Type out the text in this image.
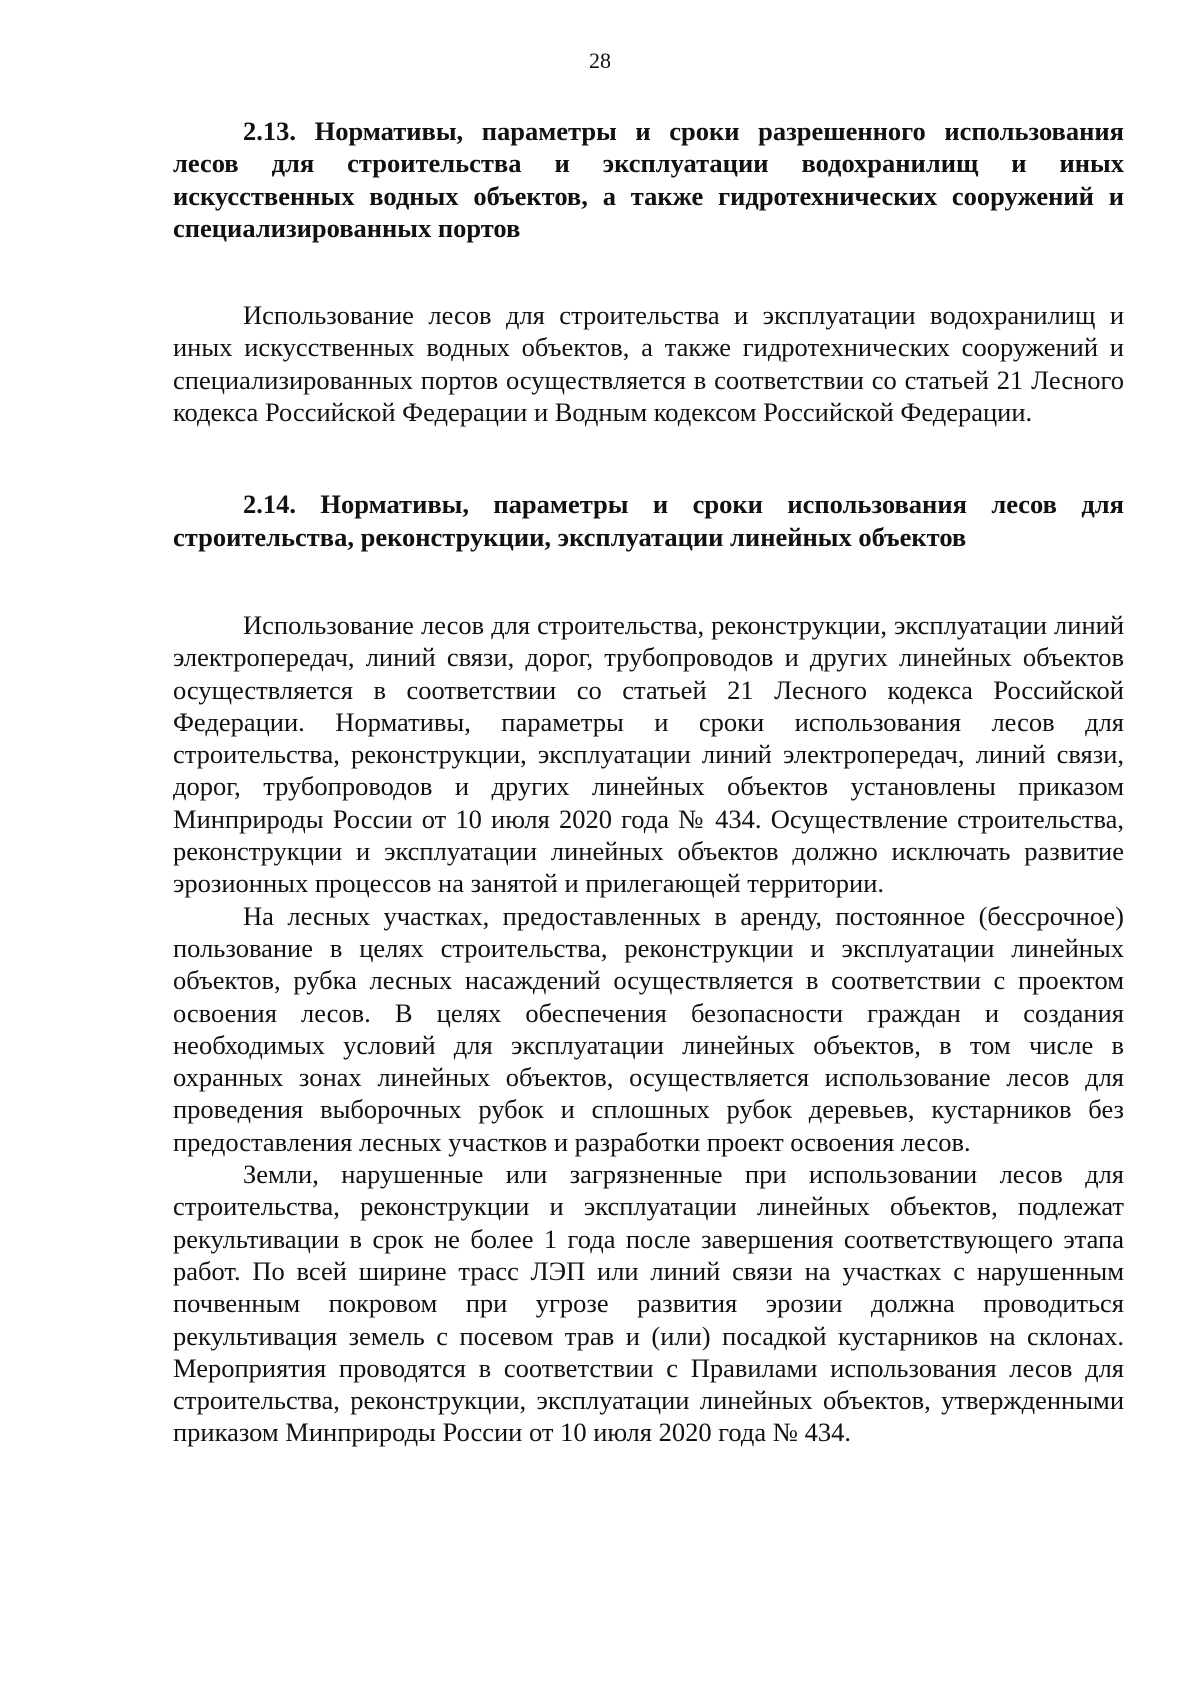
28
2.13. Нормативы, параметры и сроки разрешенного использования лесов для строительства и эксплуатации водохранилищ и иных искусственных водных объектов, а также гидротехнических сооружений и специализированных портов

Использование лесов для строительства и эксплуатации водохранилищ и иных искусственных водных объектов, а также гидротехнических сооружений и специализированных портов осуществляется в соответствии со статьей 21 Лесного кодекса Российской Федерации и Водным кодексом Российской Федерации.

2.14. Нормативы, параметры и сроки использования лесов для строительства, реконструкции, эксплуатации линейных объектов

Использование лесов для строительства, реконструкции, эксплуатации линий электропередач, линий связи, дорог, трубопроводов и других линейных объектов осуществляется в соответствии со статьей 21 Лесного кодекса Российской Федерации. Нормативы, параметры и сроки использования лесов для строительства, реконструкции, эксплуатации линий электропередач, линий связи, дорог, трубопроводов и других линейных объектов установлены приказом Минприроды России от 10 июля 2020 года № 434. Осуществление строительства, реконструкции и эксплуатации линейных объектов должно исключать развитие эрозионных процессов на занятой и прилегающей территории.

На лесных участках, предоставленных в аренду, постоянное (бессрочное) пользование в целях строительства, реконструкции и эксплуатации линейных объектов, рубка лесных насаждений осуществляется в соответствии с проектом освоения лесов. В целях обеспечения безопасности граждан и создания необходимых условий для эксплуатации линейных объектов, в том числе в охранных зонах линейных объектов, осуществляется использование лесов для проведения выборочных рубок и сплошных рубок деревьев, кустарников без предоставления лесных участков и разработки проект освоения лесов.

Земли, нарушенные или загрязненные при использовании лесов для строительства, реконструкции и эксплуатации линейных объектов, подлежат рекультивации в срок не более 1 года после завершения соответствующего этапа работ. По всей ширине трасс ЛЭП или линий связи на участках с нарушенным почвенным покровом при угрозе развития эрозии должна проводиться рекультивация земель с посевом трав и (или) посадкой кустарников на склонах. Мероприятия проводятся в соответствии с Правилами использования лесов для строительства, реконструкции, эксплуатации линейных объектов, утвержденными приказом Минприроды России от 10 июля 2020 года № 434.
